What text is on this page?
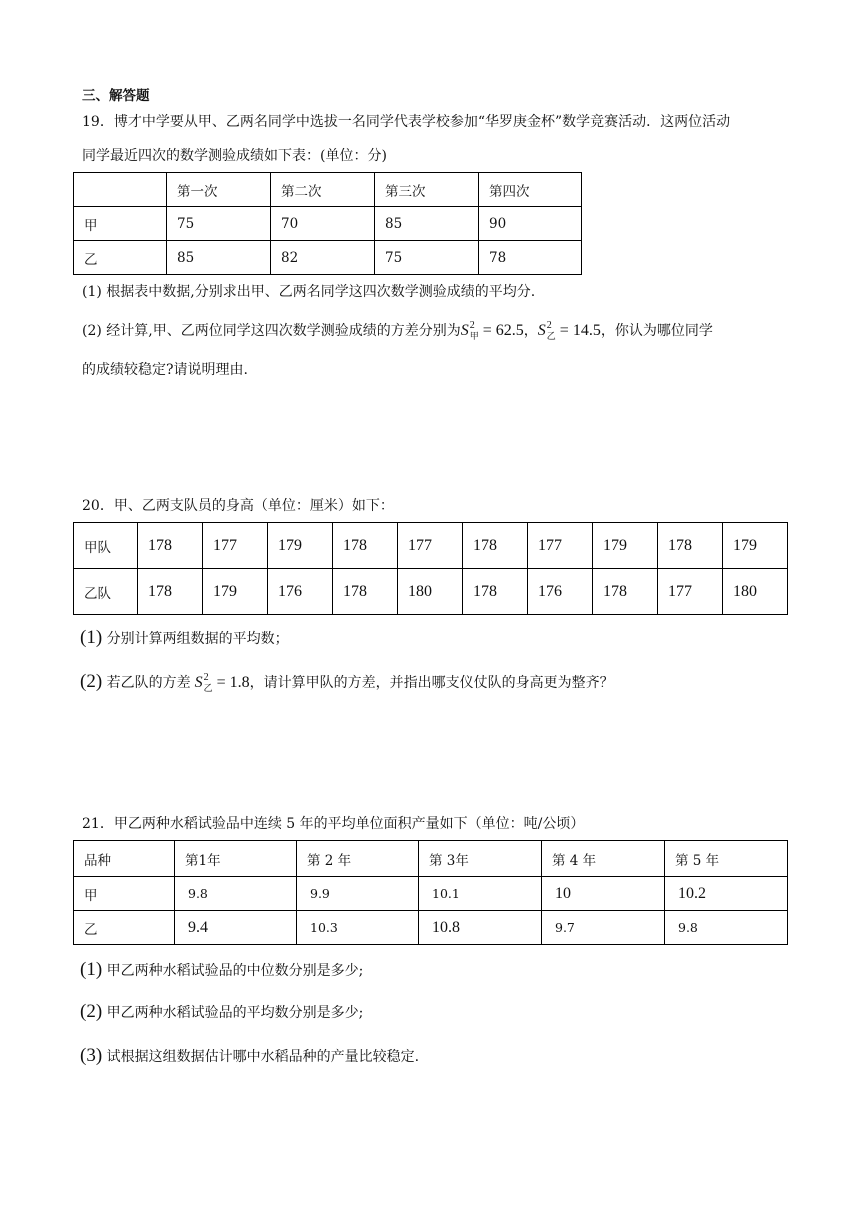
三、解答题
19．博才中学要从甲、乙两名同学中选拔一名同学代表学校参加“华罗庚金杯”数学竞赛活动．这两位活动
同学最近四次的数学测验成绩如下表：(单位：分)
	第一次	第二次	第三次	第四次
甲	75	70	85	90
乙	85	82	75	78
(1) 根据表中数据,分别求出甲、乙两名同学这四次数学测验成绩的平均分.
(2) 经计算,甲、乙两位同学这四次数学测验成绩的方差分别为$S^2_甲 = 62.5$，$S^2_乙 = 14.5$，你认为哪位同学
的成绩较稳定?请说明理由.
20．甲、乙两支队员的身高（单位：厘米）如下：
甲队	178	177	179	178	177	178	177	179	178	179
乙队	178	179	176	178	180	178	176	178	177	180
(1) 分别计算两组数据的平均数；
(2) 若乙队的方差 $S^2_乙 = 1.8$，请计算甲队的方差，并指出哪支仪仗队的身高更为整齐？
21．甲乙两种水稻试验品中连续 5 年的平均单位面积产量如下（单位：吨/公顷）
品种	第1年	第 2 年	第 3年	第 4 年	第 5 年
甲	9.8	9.9	10.1	10	10.2
乙	9.4	10.3	10.8	9.7	9.8
(1) 甲乙两种水稻试验品的中位数分别是多少;
(2) 甲乙两种水稻试验品的平均数分别是多少;
(3) 试根据这组数据估计哪中水稻品种的产量比较稳定.
